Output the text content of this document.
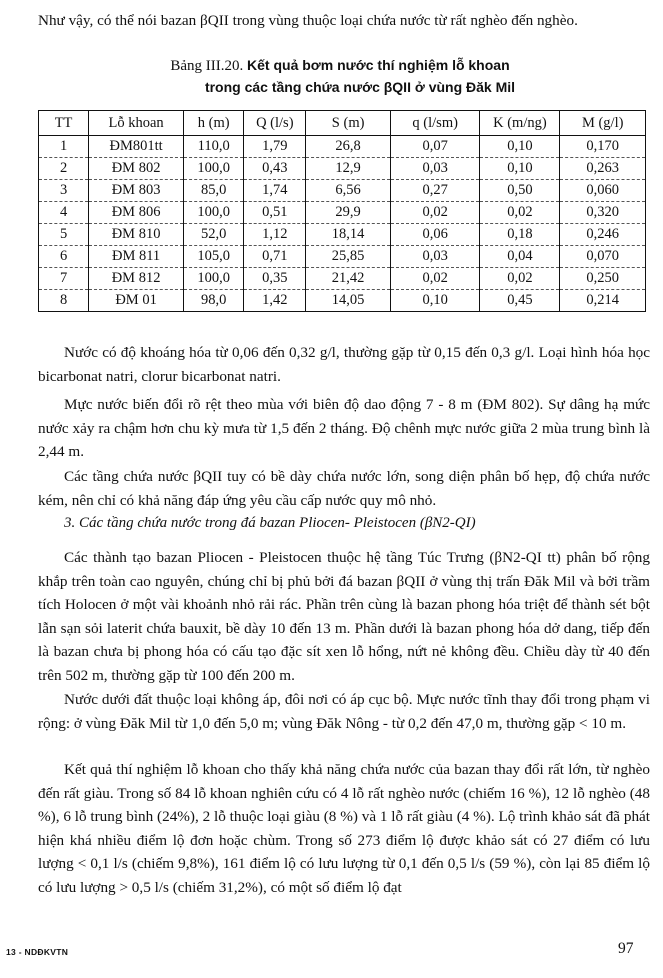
Như vậy, có thể nói bazan βQII trong vùng thuộc loại chứa nước từ rất nghèo đến nghèo.

Bảng III.20. Kết quả bơm nước thí nghiệm lỗ khoan
trong các tầng chứa nước βQII ở vùng Đăk Mil
TT	Lỗ khoan	h (m)	Q (l/s)	S (m)	q (l/sm)	K (m/ng)	M (g/l)
1	ĐM801tt	110,0	1,79	26,8	0,07	0,10	0,170
2	ĐM 802	100,0	0,43	12,9	0,03	0,10	0,263
3	ĐM 803	85,0	1,74	6,56	0,27	0,50	0,060
4	ĐM 806	100,0	0,51	29,9	0,02	0,02	0,320
5	ĐM 810	52,0	1,12	18,14	0,06	0,18	0,246
6	ĐM 811	105,0	0,71	25,85	0,03	0,04	0,070
7	ĐM 812	100,0	0,35	21,42	0,02	0,02	0,250
8	ĐM 01	98,0	1,42	14,05	0,10	0,45	0,214

Nước có độ khoáng hóa từ 0,06 đến 0,32 g/l, thường gặp từ 0,15 đến 0,3 g/l. Loại hình hóa học bicarbonat natri, clorur bicarbonat natri.

Mực nước biến đổi rõ rệt theo mùa với biên độ dao động 7 - 8 m (ĐM 802). Sự dâng hạ mức nước xảy ra chậm hơn chu kỳ mưa từ 1,5 đến 2 tháng. Độ chênh mực nước giữa 2 mùa trung bình là 2,44 m.

Các tầng chứa nước βQII tuy có bề dày chứa nước lớn, song diện phân bố hẹp, độ chứa nước kém, nên chỉ có khả năng đáp ứng yêu cầu cấp nước quy mô nhỏ.

3. Các tầng chứa nước trong đá bazan Pliocen- Pleistocen (βN2-QI)

Các thành tạo bazan Pliocen - Pleistocen thuộc hệ tầng Túc Trưng (βN2-QI tt) phân bố rộng khắp trên toàn cao nguyên, chúng chỉ bị phủ bởi đá bazan βQII ở vùng thị trấn Đăk Mil và bởi trầm tích Holocen ở một vài khoảnh nhỏ rải rác. Phần trên cùng là bazan phong hóa triệt để thành sét bột lẫn sạn sỏi laterit chứa bauxit, bề dày 10 đến 13 m. Phần dưới là bazan phong hóa dở dang, tiếp đến là bazan chưa bị phong hóa có cấu tạo đặc sít xen lỗ hổng, nứt nẻ không đều. Chiều dày từ 40 đến trên 502 m, thường gặp từ 100 đến 200 m.

Nước dưới đất thuộc loại không áp, đôi nơi có áp cục bộ. Mực nước tĩnh thay đổi trong phạm vi rộng: ở vùng Đăk Mil từ 1,0 đến 5,0 m; vùng Đăk Nông - từ 0,2 đến 47,0 m, thường gặp < 10 m.

Kết quả thí nghiệm lỗ khoan cho thấy khả năng chứa nước của bazan thay đổi rất lớn, từ nghèo đến rất giàu. Trong số 84 lỗ khoan nghiên cứu có 4 lỗ rất nghèo nước (chiếm 16 %), 12 lỗ nghèo (48 %), 6 lỗ trung bình (24%), 2 lỗ thuộc loại giàu (8 %) và 1 lỗ rất giàu (4 %). Lộ trình khảo sát đã phát hiện khá nhiều điểm lộ đơn hoặc chùm. Trong số 273 điểm lộ được khảo sát có 27 điểm có lưu lượng < 0,1 l/s (chiếm 9,8%), 161 điểm lộ có lưu lượng từ 0,1 đến 0,5 l/s (59 %), còn lại 85 điểm lộ có lưu lượng > 0,5 l/s (chiếm 31,2%), có một số điểm lộ đạt

13 - NDĐKVTN	97
